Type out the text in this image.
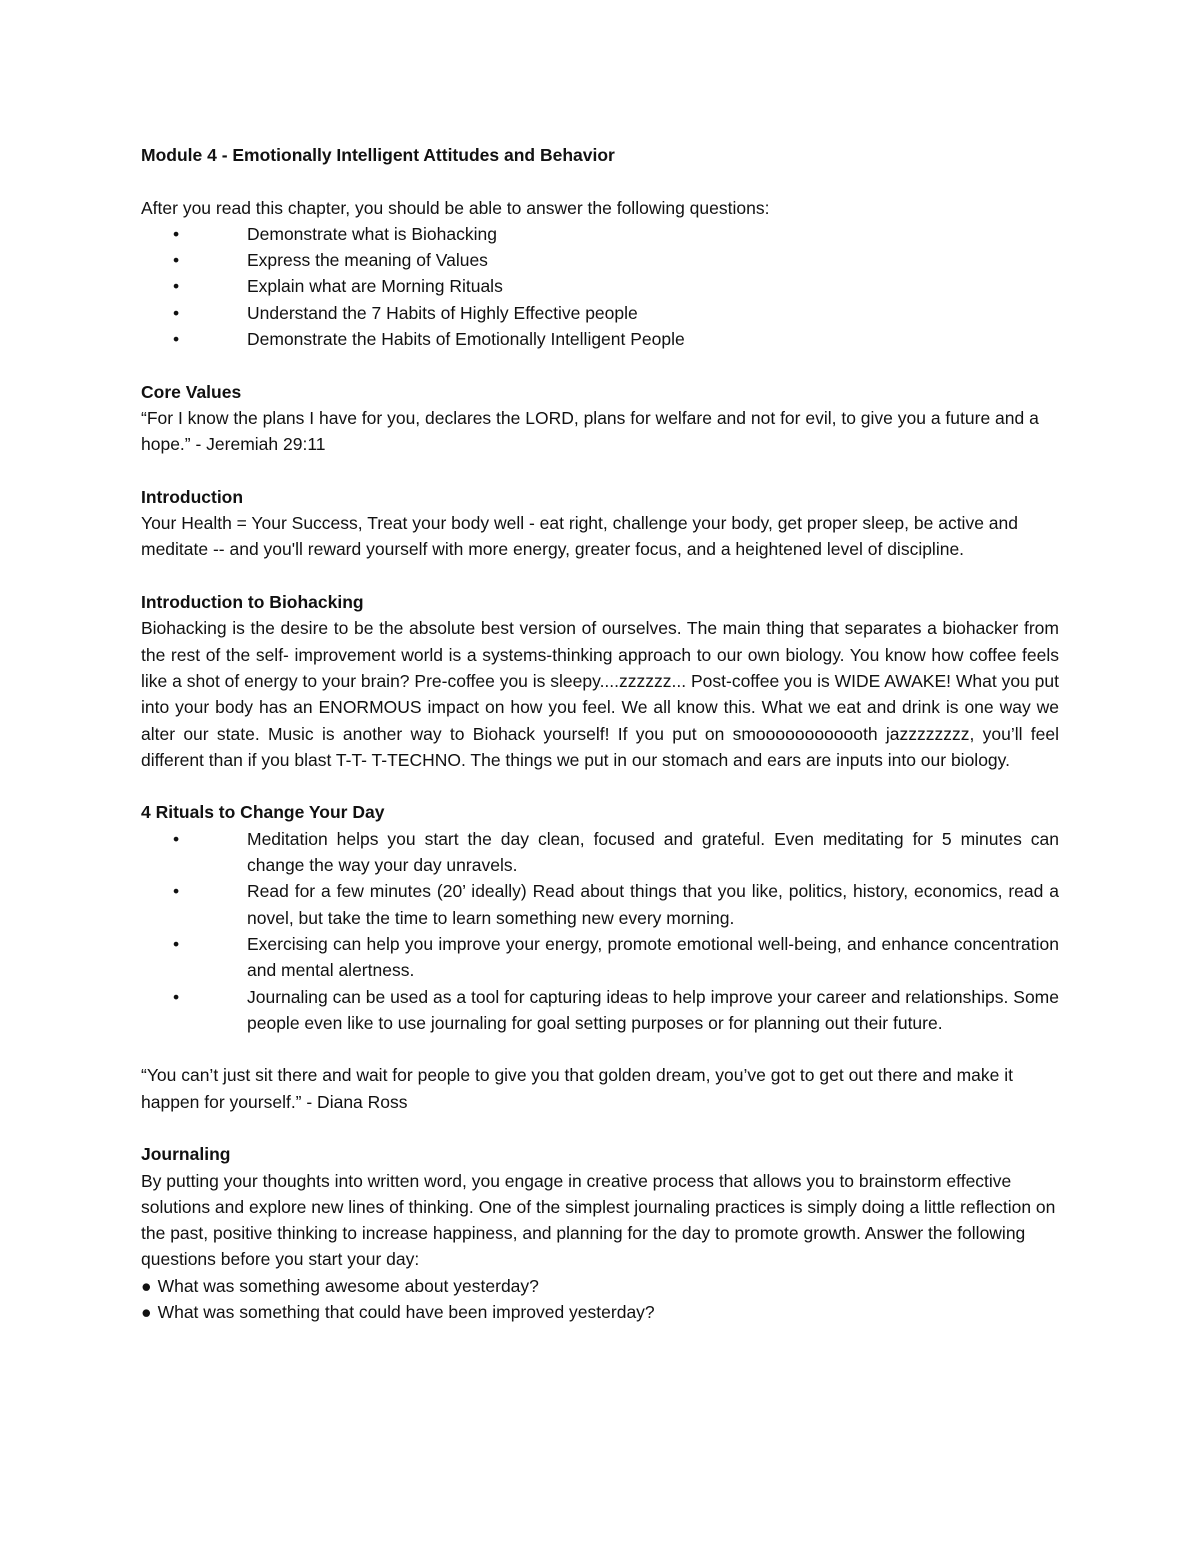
Module 4 - Emotionally Intelligent Attitudes and Behavior

After you read this chapter, you should be able to answer the following questions:

•	Demonstrate what is Biohacking
•	Express the meaning of Values
•	Explain what are Morning Rituals
•	Understand the 7 Habits of Highly Effective people
•	Demonstrate the Habits of Emotionally Intelligent People

Core Values

“For I know the plans I have for you, declares the LORD, plans for welfare and not for evil, to give you a future and a hope.” - Jeremiah 29:11

Introduction

Your Health = Your Success, Treat your body well - eat right, challenge your body, get proper sleep, be active and meditate -- and you'll reward yourself with more energy, greater focus, and a heightened level of discipline.

Introduction to Biohacking

Biohacking is the desire to be the absolute best version of ourselves. The main thing that separates a biohacker from the rest of the self- improvement world is a systems-thinking approach to our own biology. You know how coffee feels like a shot of energy to your brain? Pre-coffee you is sleepy....zzzzzz... Post-coffee you is WIDE AWAKE! What you put into your body has an ENORMOUS impact on how you feel. We all know this. What we eat and drink is one way we alter our state. Music is another way to Biohack yourself! If you put on smoooooooooooth jazzzzzzzz, you’ll feel different than if you blast T-T- T-TECHNO. The things we put in our stomach and ears are inputs into our biology.

4 Rituals to Change Your Day

•	Meditation helps you start the day clean, focused and grateful. Even meditating for 5 minutes can change the way your day unravels.
•	Read for a few minutes (20’ ideally) Read about things that you like, politics, history, economics, read a novel, but take the time to learn something new every morning.
•	Exercising can help you improve your energy, promote emotional well-being, and enhance concentration and mental alertness.
•	Journaling can be used as a tool for capturing ideas to help improve your career and relationships. Some people even like to use journaling for goal setting purposes or for planning out their future.

“You can’t just sit there and wait for people to give you that golden dream, you’ve got to get out there and make it happen for yourself.” - Diana Ross

Journaling

By putting your thoughts into written word, you engage in creative process that allows you to brainstorm effective solutions and explore new lines of thinking. One of the simplest journaling practices is simply doing a little reflection on the past, positive thinking to increase happiness, and planning for the day to promote growth. Answer the following questions before you start your day:

● What was something awesome about yesterday?
● What was something that could have been improved yesterday?
